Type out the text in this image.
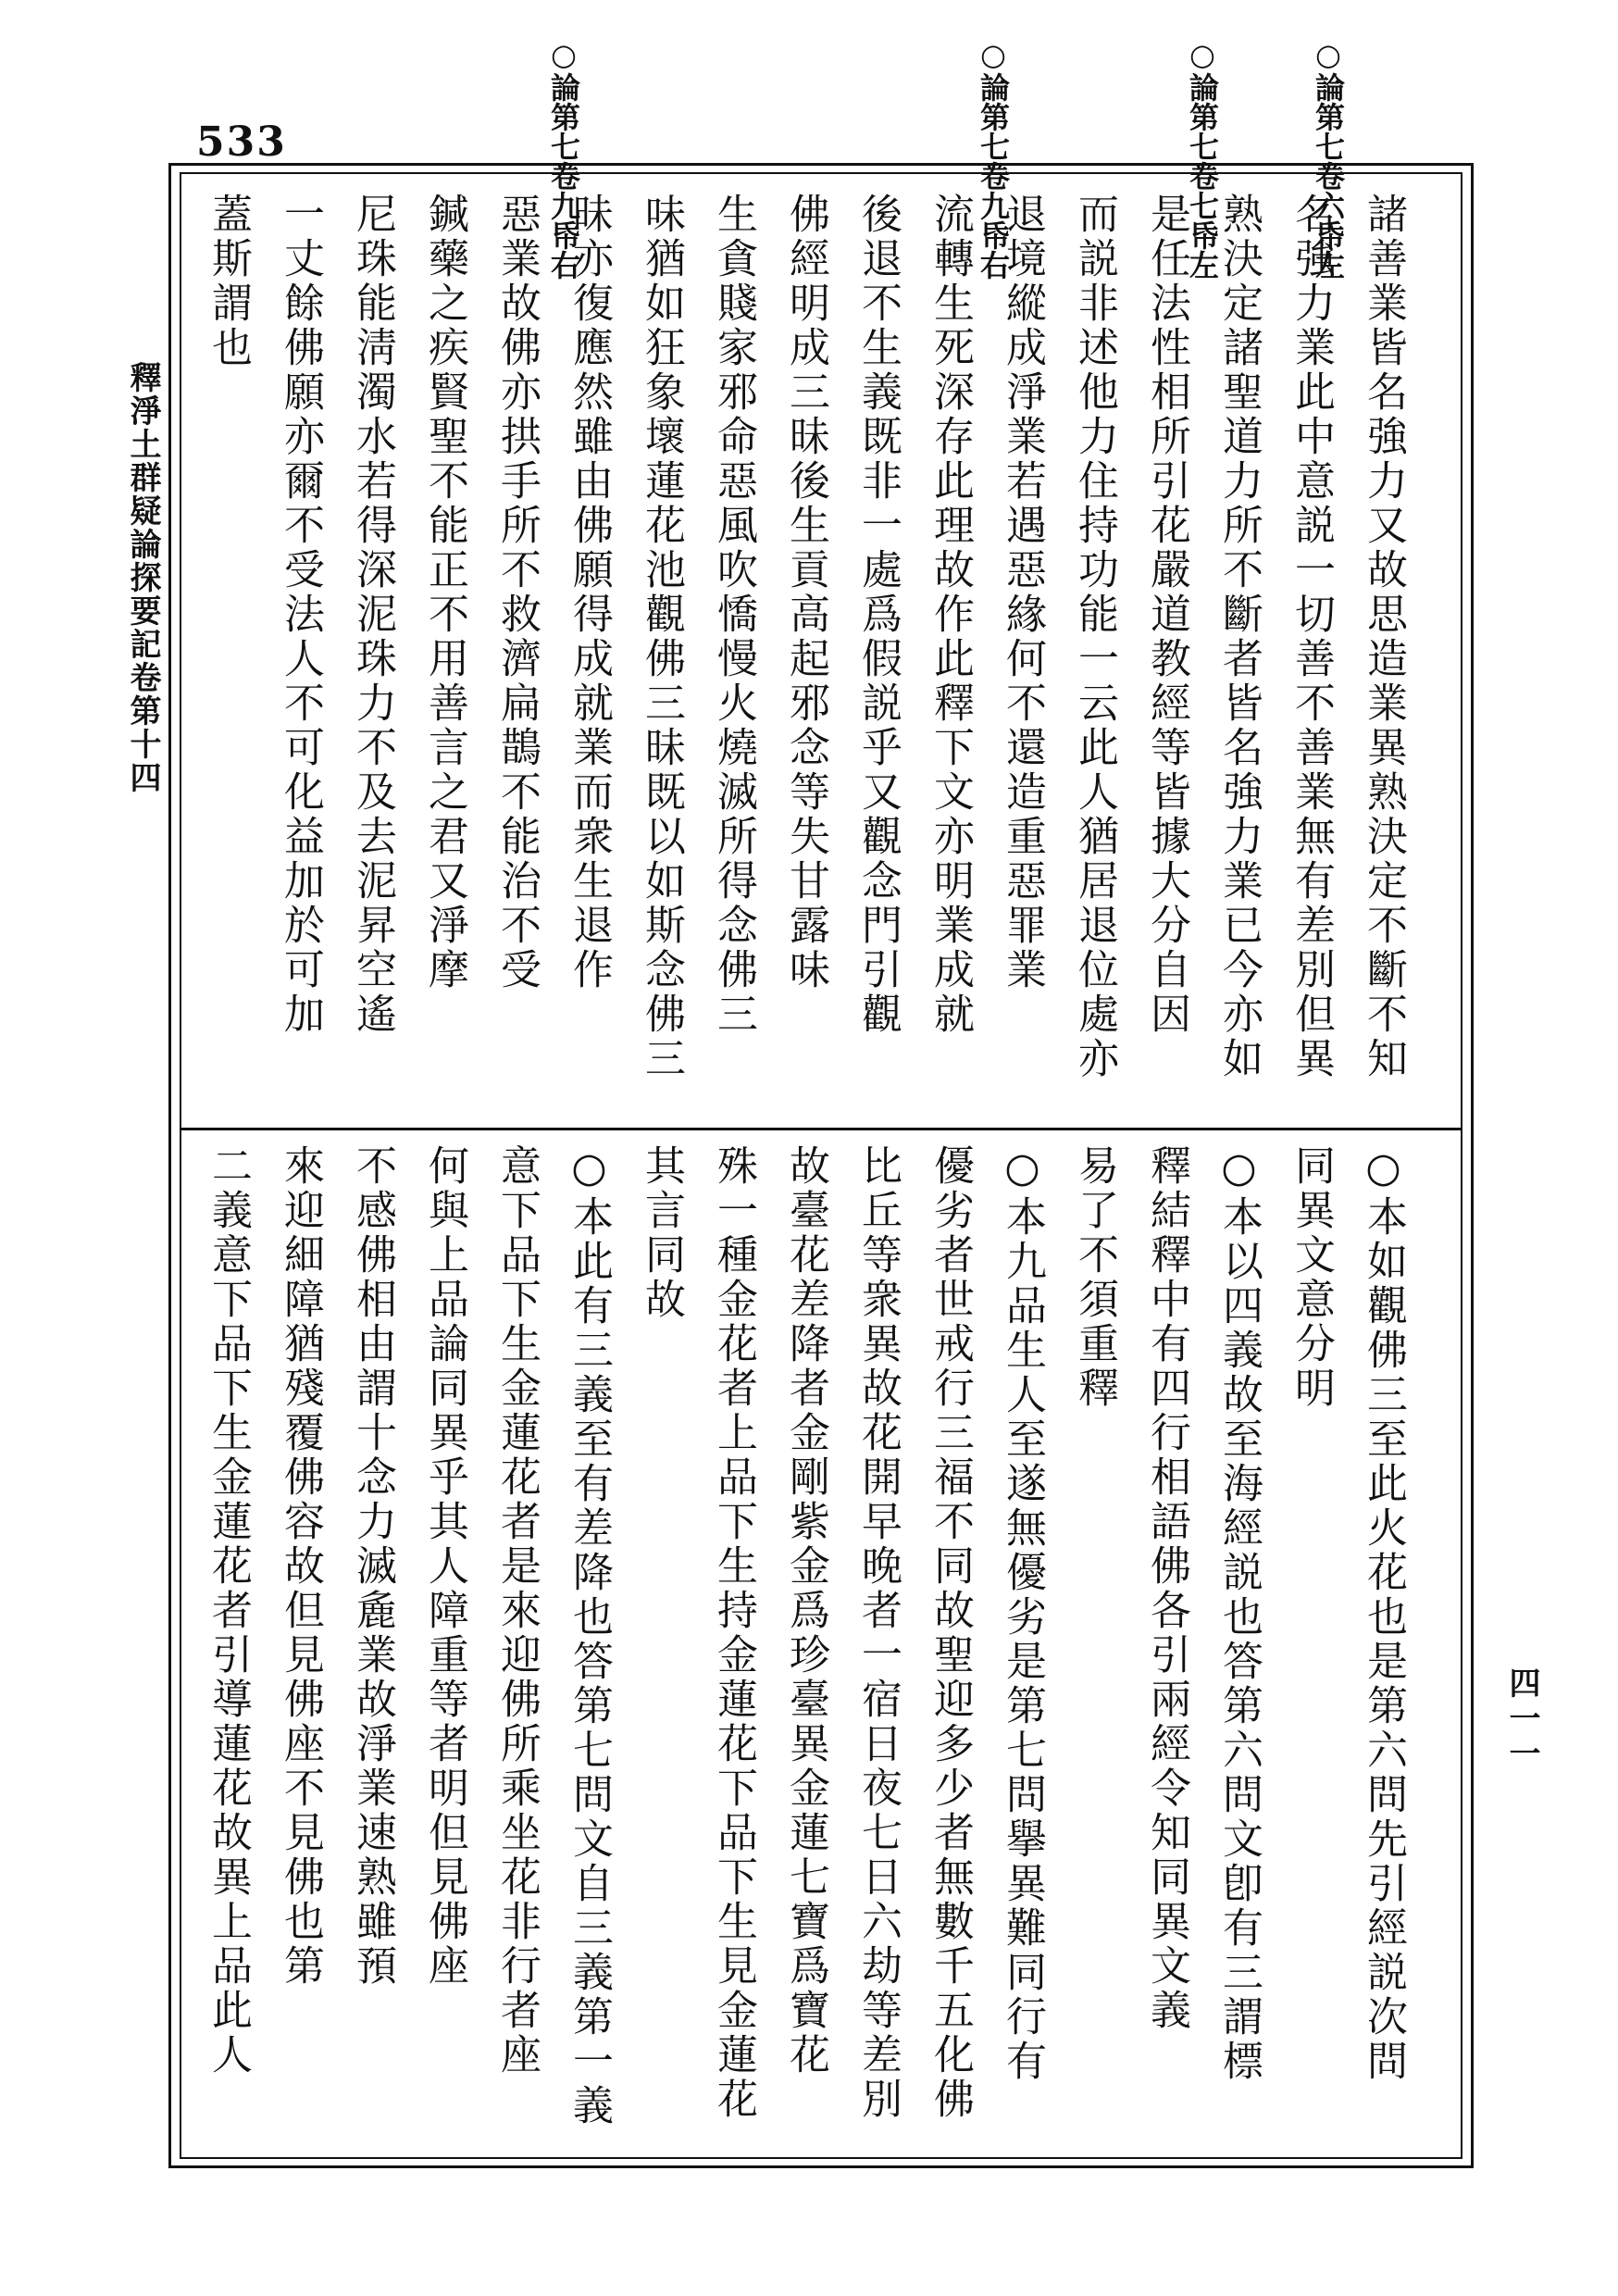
533	○論第七卷六帋左
○論第七卷七帋左
○論第七卷九帋右
○論第七卷九帋右
釋淨土群疑論探要記卷第十四
四一一
諸善業皆名強力又故思造業異熟決定不斷不知
名強力業此中意説一切善不善業無有差別但異
熟決定諸聖道力所不斷者皆名強力業已今亦如
是任法性相所引花嚴道教經等皆據大分自因
而説非述他力住持功能一云此人猶居退位處亦
退境縱成淨業若遇惡緣何不還造重惡罪業
流轉生死深存此理故作此釋下文亦明業成就
後退不生義既非一處爲假説乎又觀念門引觀
佛經明成三昧後生貢高起邪念等失甘露味
生貪賤家邪命惡風吹憍慢火燒滅所得念佛三
味猶如狂象壞蓮花池觀佛三昧既以如斯念佛三
昧亦復應然雖由佛願得成就業而衆生退作
惡業故佛亦拱手所不救濟扁鵲不能治不受
鍼藥之疾賢聖不能正不用善言之君又淨摩
尼珠能淸濁水若得深泥珠力不及去泥昇空遙
一丈餘佛願亦爾不受法人不可化益加於可加
蓋斯謂也
○本如觀佛三至此火花也是第六問先引經説次問
同異文意分明
○本以四義故至海經説也答第六問文卽有三謂標
釋結釋中有四行相語佛各引兩經令知同異文義
易了不須重釋
○本九品生人至遂無優劣是第七問擧異難同行有
優劣者世戒行三福不同故聖迎多少者無數千五化佛
比丘等衆異故花開早晚者一宿日夜七日六劫等差別
故臺花差降者金剛紫金爲珍臺異金蓮七寶爲寶花
殊一種金花者上品下生持金蓮花下品下生見金蓮花
其言同故
○本此有三義至有差降也答第七問文自三義第一義
意下品下生金蓮花者是來迎佛所乘坐花非行者座
何與上品論同異乎其人障重等者明但見佛座
不感佛相由謂十念力滅麁業故淨業速熟雖預
來迎細障猶殘覆佛容故但見佛座不見佛也第
二義意下品下生金蓮花者引導蓮花故異上品此人
